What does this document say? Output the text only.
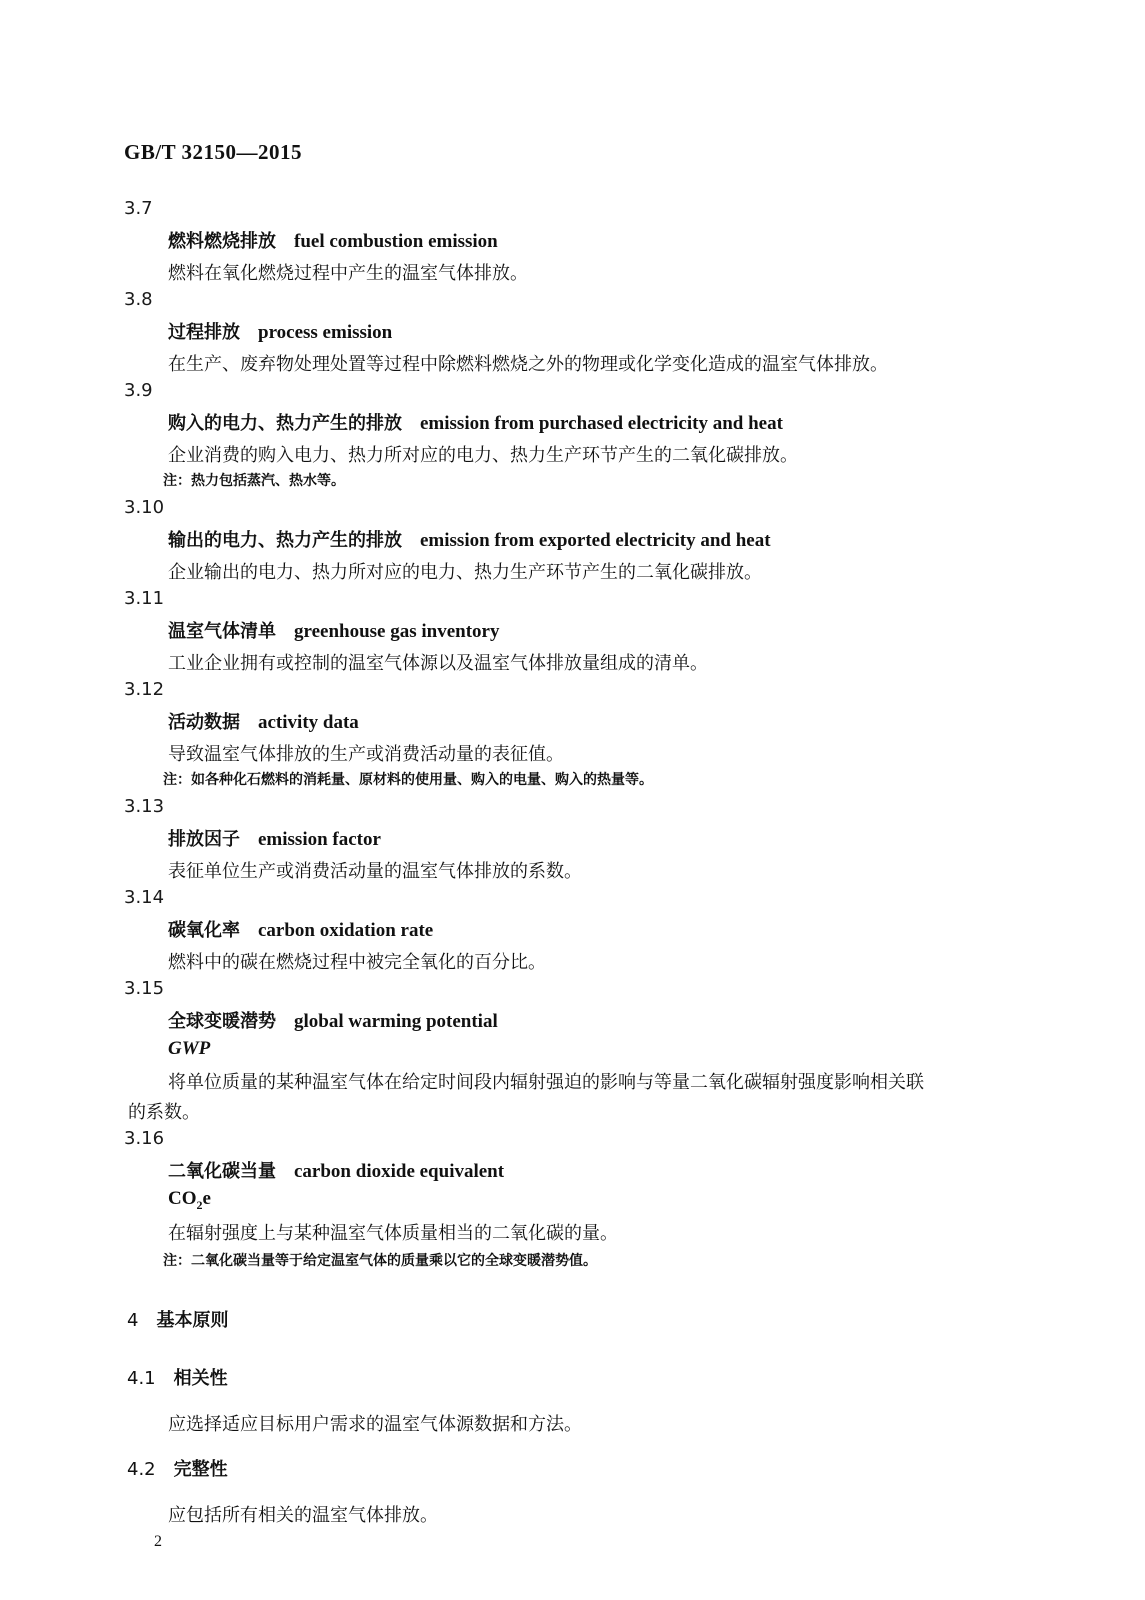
GB/T 32150—2015
3.7
燃料燃烧排放 fuel combustion emission
燃料在氧化燃烧过程中产生的温室气体排放。
3.8
过程排放 process emission
在生产、废弃物处理处置等过程中除燃料燃烧之外的物理或化学变化造成的温室气体排放。
3.9
购入的电力、热力产生的排放 emission from purchased electricity and heat
企业消费的购入电力、热力所对应的电力、热力生产环节产生的二氧化碳排放。
注：热力包括蒸汽、热水等。
3.10
输出的电力、热力产生的排放 emission from exported electricity and heat
企业输出的电力、热力所对应的电力、热力生产环节产生的二氧化碳排放。
3.11
温室气体清单 greenhouse gas inventory
工业企业拥有或控制的温室气体源以及温室气体排放量组成的清单。
3.12
活动数据 activity data
导致温室气体排放的生产或消费活动量的表征值。
注：如各种化石燃料的消耗量、原材料的使用量、购入的电量、购入的热量等。
3.13
排放因子 emission factor
表征单位生产或消费活动量的温室气体排放的系数。
3.14
碳氧化率 carbon oxidation rate
燃料中的碳在燃烧过程中被完全氧化的百分比。
3.15
全球变暖潜势 global warming potential
GWP
将单位质量的某种温室气体在给定时间段内辐射强迫的影响与等量二氧化碳辐射强度影响相关联
的系数。
3.16
二氧化碳当量 carbon dioxide equivalent
$CO_2e$
在辐射强度上与某种温室气体质量相当的二氧化碳的量。
注：二氧化碳当量等于给定温室气体的质量乘以它的全球变暖潜势值。
4 基本原则
4.1 相关性
应选择适应目标用户需求的温室气体源数据和方法。
4.2 完整性
应包括所有相关的温室气体排放。
2
